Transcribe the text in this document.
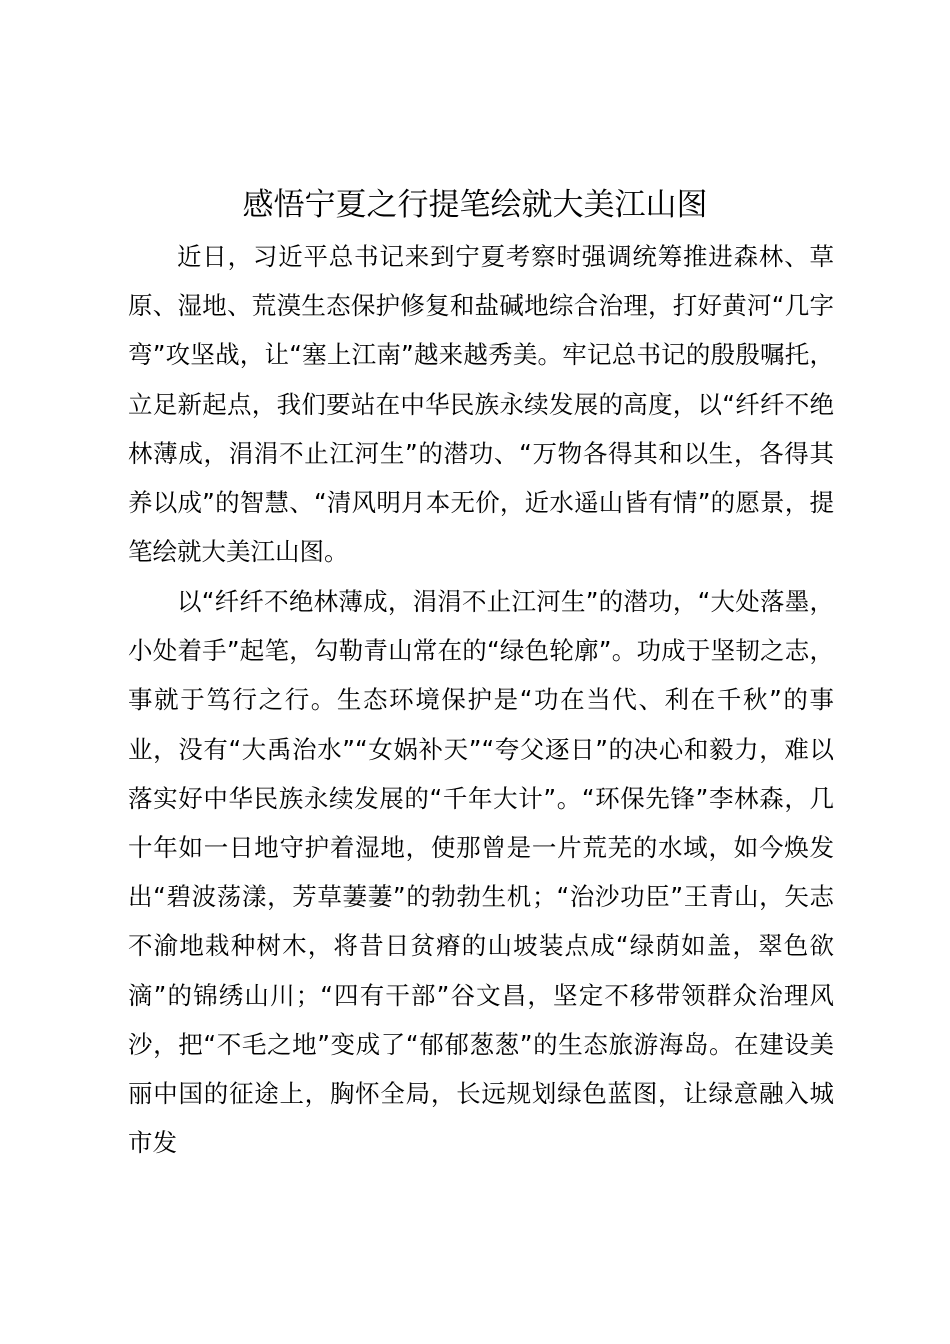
感悟宁夏之行提笔绘就大美江山图

近日，习近平总书记来到宁夏考察时强调统筹推进森林、草原、湿地、荒漠生态保护修复和盐碱地综合治理，打好黄河“几字弯”攻坚战，让“塞上江南”越来越秀美。牢记总书记的殷殷嘱托，立足新起点，我们要站在中华民族永续发展的高度，以“纤纤不绝林薄成，涓涓不止江河生”的潜功、“万物各得其和以生，各得其养以成”的智慧、“清风明月本无价，近水遥山皆有情”的愿景，提笔绘就大美江山图。

以“纤纤不绝林薄成，涓涓不止江河生”的潜功，“大处落墨，小处着手”起笔，勾勒青山常在的“绿色轮廓”。功成于坚韧之志，事就于笃行之行。生态环境保护是“功在当代、利在千秋”的事业，没有“大禹治水”“女娲补天”“夸父逐日”的决心和毅力，难以落实好中华民族永续发展的“千年大计”。“环保先锋”李林森，几十年如一日地守护着湿地，使那曾是一片荒芜的水域，如今焕发出“碧波荡漾，芳草萋萋”的勃勃生机；“治沙功臣”王青山，矢志不渝地栽种树木，将昔日贫瘠的山坡装点成“绿荫如盖，翠色欲滴”的锦绣山川；“四有干部”谷文昌，坚定不移带领群众治理风沙，把“不毛之地”变成了“郁郁葱葱”的生态旅游海岛。在建设美丽中国的征途上，胸怀全局，长远规划绿色蓝图，让绿意融入城市发
